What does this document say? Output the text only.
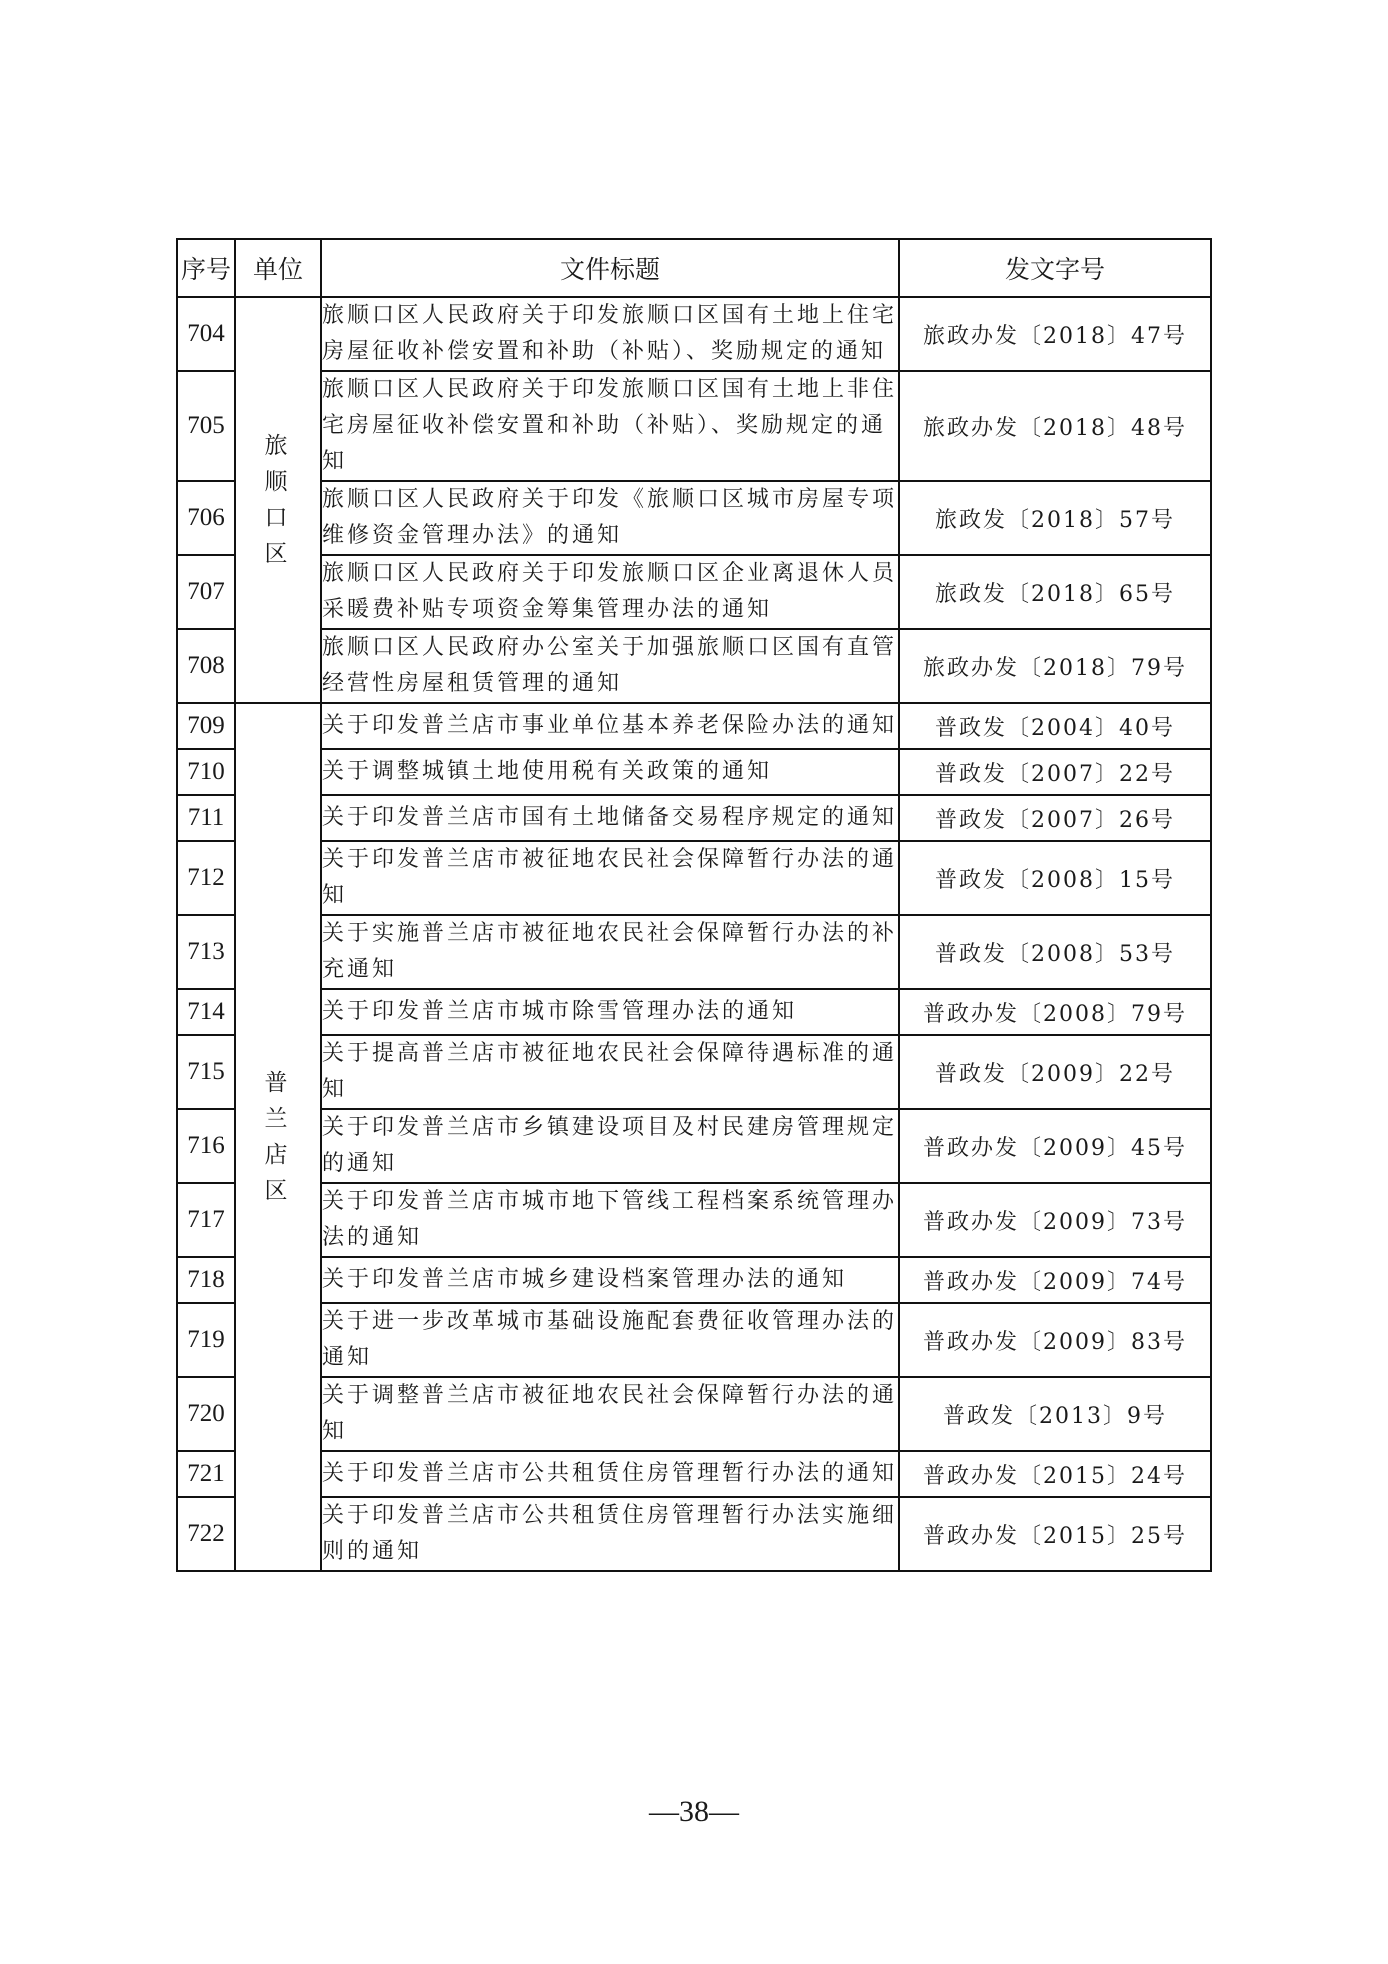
序号	单位	文件标题	发文字号
704	旅顺口区	旅顺口区人民政府关于印发旅顺口区国有土地上住宅房屋征收补偿安置和补助（补贴）、奖励规定的通知	旅政办发〔2018〕47号
705		旅顺口区人民政府关于印发旅顺口区国有土地上非住宅房屋征收补偿安置和补助（补贴）、奖励规定的通知	旅政办发〔2018〕48号
706		旅顺口区人民政府关于印发《旅顺口区城市房屋专项维修资金管理办法》的通知	旅政发〔2018〕57号
707		旅顺口区人民政府关于印发旅顺口区企业离退休人员采暖费补贴专项资金筹集管理办法的通知	旅政发〔2018〕65号
708		旅顺口区人民政府办公室关于加强旅顺口区国有直管经营性房屋租赁管理的通知	旅政办发〔2018〕79号
709	普兰店区	关于印发普兰店市事业单位基本养老保险办法的通知	普政发〔2004〕40号
710		关于调整城镇土地使用税有关政策的通知	普政发〔2007〕22号
711		关于印发普兰店市国有土地储备交易程序规定的通知	普政发〔2007〕26号
712		关于印发普兰店市被征地农民社会保障暂行办法的通知	普政发〔2008〕15号
713		关于实施普兰店市被征地农民社会保障暂行办法的补充通知	普政发〔2008〕53号
714		关于印发普兰店市城市除雪管理办法的通知	普政办发〔2008〕79号
715		关于提高普兰店市被征地农民社会保障待遇标准的通知	普政发〔2009〕22号
716		关于印发普兰店市乡镇建设项目及村民建房管理规定的通知	普政办发〔2009〕45号
717		关于印发普兰店市城市地下管线工程档案系统管理办法的通知	普政办发〔2009〕73号
718		关于印发普兰店市城乡建设档案管理办法的通知	普政办发〔2009〕74号
719		关于进一步改革城市基础设施配套费征收管理办法的通知	普政办发〔2009〕83号
720		关于调整普兰店市被征地农民社会保障暂行办法的通知	普政发〔2013〕9号
721		关于印发普兰店市公共租赁住房管理暂行办法的通知	普政办发〔2015〕24号
722		关于印发普兰店市公共租赁住房管理暂行办法实施细则的通知	普政办发〔2015〕25号
—38—
